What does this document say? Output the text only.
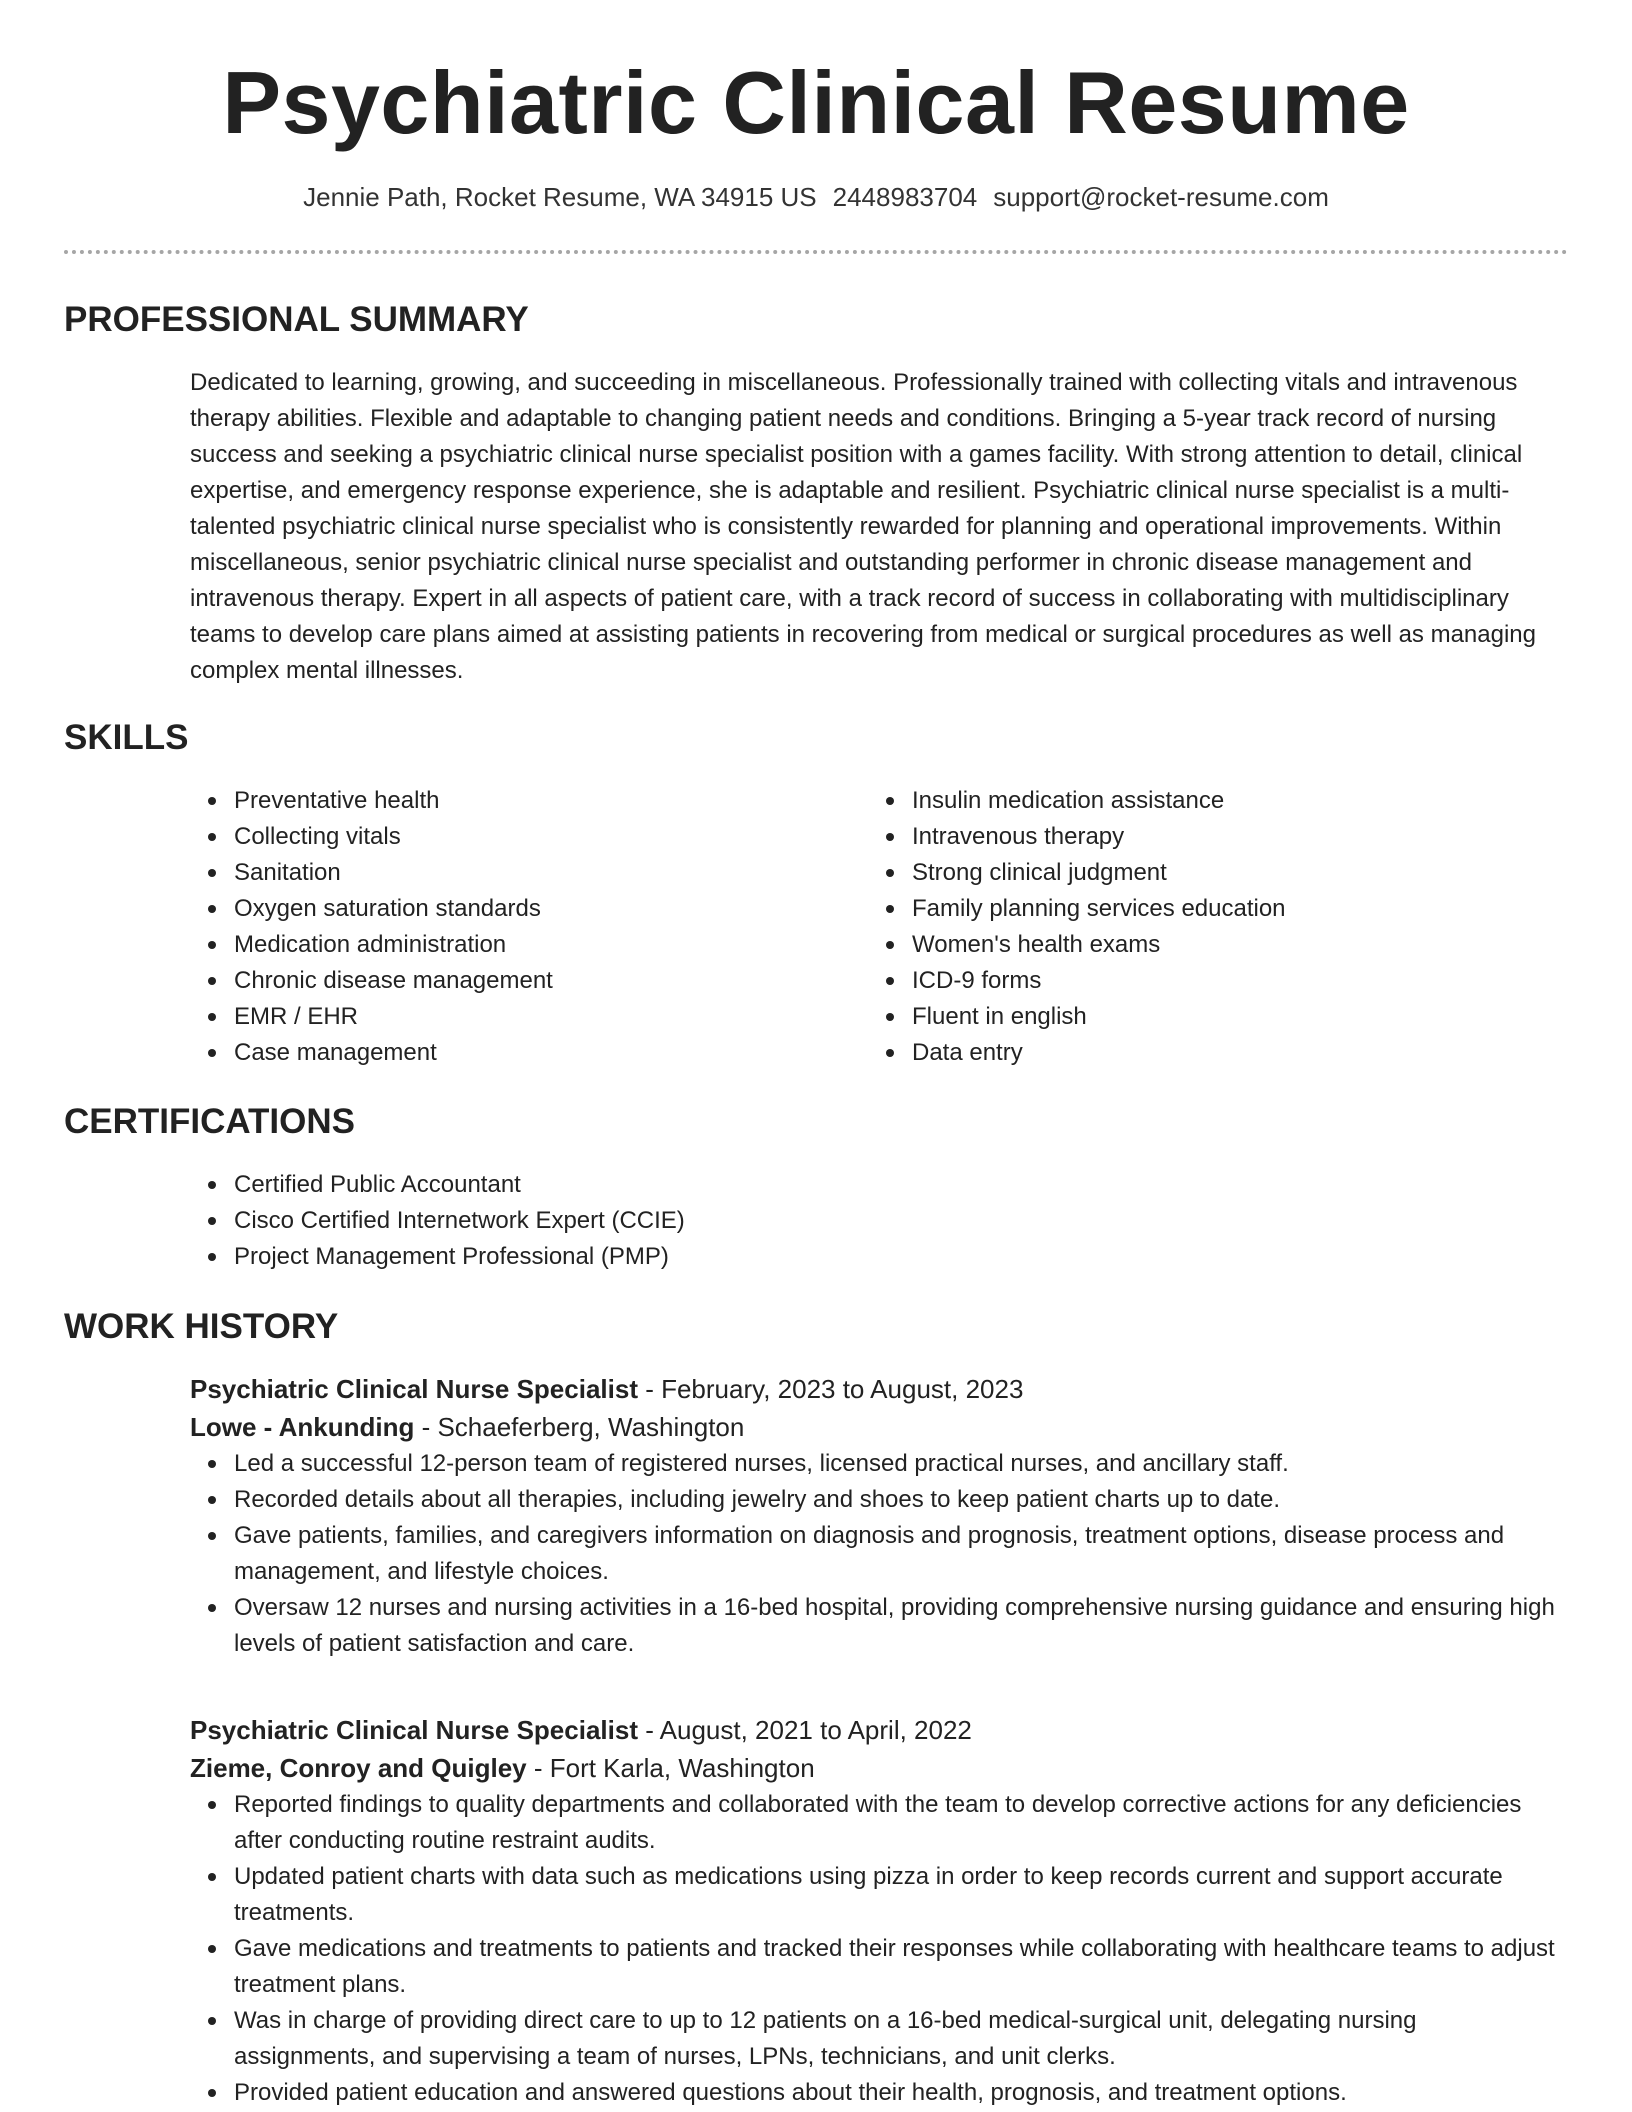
Psychiatric Clinical Resume
Jennie Path, Rocket Resume, WA 34915 US 2448983704 support@rocket-resume.com
PROFESSIONAL SUMMARY

Dedicated to learning, growing, and succeeding in miscellaneous. Professionally trained with collecting vitals and intravenous therapy abilities. Flexible and adaptable to changing patient needs and conditions. Bringing a 5-year track record of nursing success and seeking a psychiatric clinical nurse specialist position with a games facility. With strong attention to detail, clinical expertise, and emergency response experience, she is adaptable and resilient. Psychiatric clinical nurse specialist is a multi-talented psychiatric clinical nurse specialist who is consistently rewarded for planning and operational improvements. Within miscellaneous, senior psychiatric clinical nurse specialist and outstanding performer in chronic disease management and intravenous therapy. Expert in all aspects of patient care, with a track record of success in collaborating with multidisciplinary teams to develop care plans aimed at assisting patients in recovering from medical or surgical procedures as well as managing complex mental illnesses.

SKILLS
Preventative health
Collecting vitals
Sanitation
Oxygen saturation standards
Medication administration
Chronic disease management
EMR / EHR
Case management
Insulin medication assistance
Intravenous therapy
Strong clinical judgment
Family planning services education
Women's health exams
ICD-9 forms
Fluent in english
Data entry
CERTIFICATIONS
Certified Public Accountant
Cisco Certified Internetwork Expert (CCIE)
Project Management Professional (PMP)
WORK HISTORY
Psychiatric Clinical Nurse Specialist - February, 2023 to August, 2023
Lowe - Ankunding - Schaeferberg, Washington
Led a successful 12-person team of registered nurses, licensed practical nurses, and ancillary staff.
Recorded details about all therapies, including jewelry and shoes to keep patient charts up to date.
Gave patients, families, and caregivers information on diagnosis and prognosis, treatment options, disease process and management, and lifestyle choices.
Oversaw 12 nurses and nursing activities in a 16-bed hospital, providing comprehensive nursing guidance and ensuring high levels of patient satisfaction and care.
Psychiatric Clinical Nurse Specialist - August, 2021 to April, 2022
Zieme, Conroy and Quigley - Fort Karla, Washington
Reported findings to quality departments and collaborated with the team to develop corrective actions for any deficiencies after conducting routine restraint audits.
Updated patient charts with data such as medications using pizza in order to keep records current and support accurate treatments.
Gave medications and treatments to patients and tracked their responses while collaborating with healthcare teams to adjust treatment plans.
Was in charge of providing direct care to up to 12 patients on a 16-bed medical-surgical unit, delegating nursing assignments, and supervising a team of nurses, LPNs, technicians, and unit clerks.
Provided patient education and answered questions about their health, prognosis, and treatment options.
